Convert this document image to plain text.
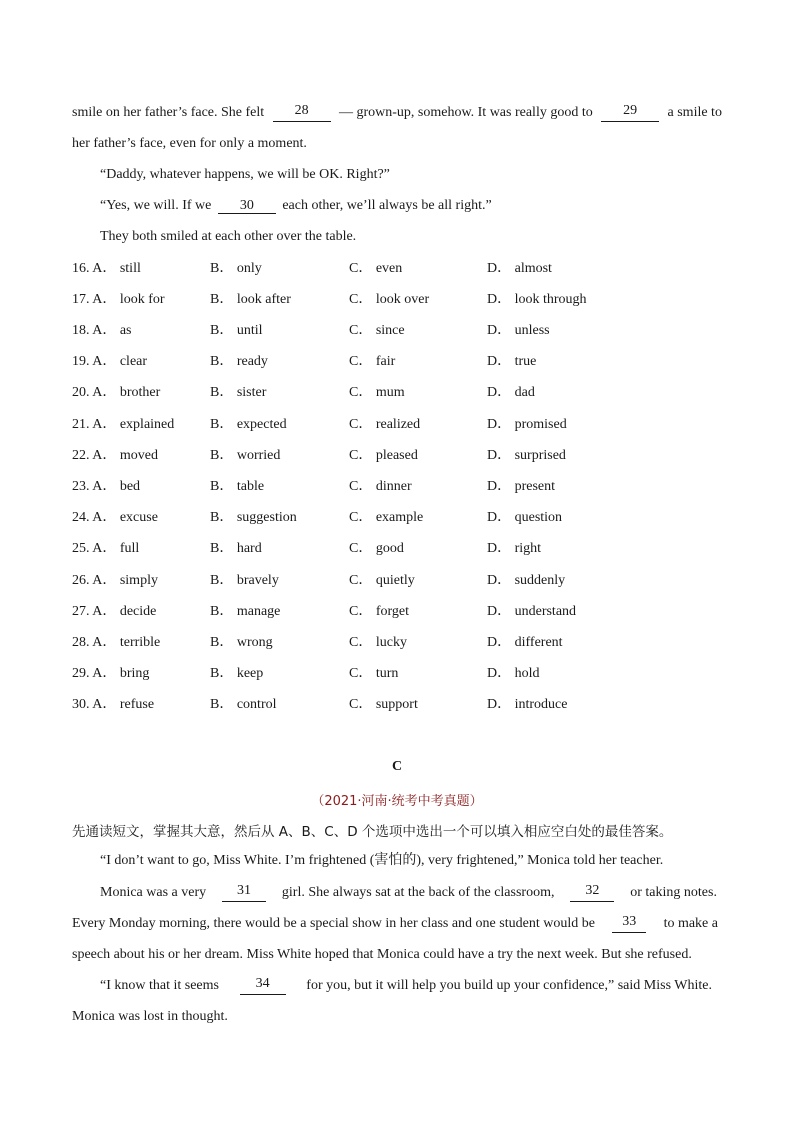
smile on her father’s face. She felt	28	— grown-up, somehow. It was really good to	29	a smile to
her father’s face, even for only a moment.
“Daddy, whatever happens, we will be OK. Right?”
“Yes, we will. If we 30 each other, we’ll always be all right.”
They both smiled at each other over the table.
16. A． still	B． only	C． even	D． almost
17. A． look for	B． look after	C． look over	D． look through
18. A． as	B． until	C． since	D． unless
19. A． clear	B． ready	C． fair	D． true
20. A． brother	B． sister	C． mum	D． dad
21. A． explained	B． expected	C． realized	D． promised
22. A． moved	B． worried	C． pleased	D． surprised
23. A． bed	B． table	C． dinner	D． present
24. A． excuse	B． suggestion	C． example	D． question
25. A． full	B． hard	C． good	D． right
26. A． simply	B． bravely	C． quietly	D． suddenly
27. A． decide	B． manage	C． forget	D． understand
28. A． terrible	B． wrong	C． lucky	D． different
29. A． bring	B． keep	C． turn	D． hold
30. A． refuse	B． control	C． support	D． introduce
C
（2021·河南·统考中考真题）
先通读短文，掌握其大意，然后从 A、B、C、D 个选项中选出一个可以填入相应空白处的最佳答案。
“I don’t want to go, Miss White. I’m frightened (害怕的), very frightened,” Monica told her teacher.
Monica was a very	31	girl. She always sat at the back of the classroom,	32	or taking notes.
Every Monday morning, there would be a special show in her class and one student would be	33	to make a
speech about his or her dream. Miss White hoped that Monica could have a try the next week. But she refused.
“I know that it seems	34	for you, but it will help you build up your confidence,” said Miss White.
Monica was lost in thought.
